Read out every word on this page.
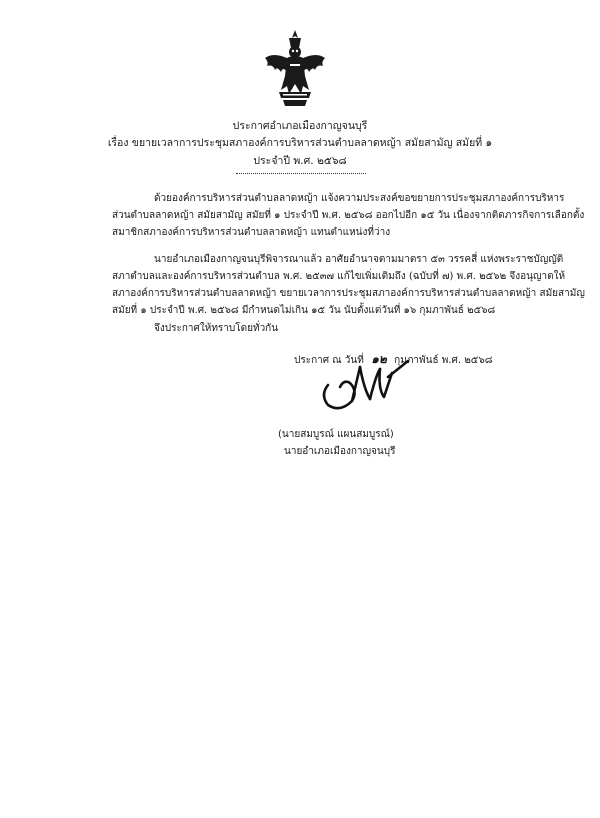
ประกาศอำเภอเมืองกาญจนบุรี
เรื่อง ขยายเวลาการประชุมสภาองค์การบริหารส่วนตำบลลาดหญ้า สมัยสามัญ สมัยที่ ๑
ประจำปี พ.ศ. ๒๕๖๘
ด้วยองค์การบริหารส่วนตำบลลาดหญ้า แจ้งความประสงค์ขอขยายการประชุมสภาองค์การบริหาร
ส่วนตำบลลาดหญ้า สมัยสามัญ สมัยที่ ๑ ประจำปี พ.ศ. ๒๕๖๘ ออกไปอีก ๑๕ วัน เนื่องจากติดภารกิจการเลือกตั้ง
สมาชิกสภาองค์การบริหารส่วนตำบลลาดหญ้า แทนตำแหน่งที่ว่าง
นายอำเภอเมืองกาญจนบุรีพิจารณาแล้ว อาศัยอำนาจตามมาตรา ๕๓ วรรคสี่ แห่งพระราชบัญญัติ
สภาตำบลและองค์การบริหารส่วนตำบล พ.ศ. ๒๕๓๗ แก้ไขเพิ่มเติมถึง (ฉบับที่ ๗) พ.ศ. ๒๕๖๒ จึงอนุญาตให้
สภาองค์การบริหารส่วนตำบลลาดหญ้า ขยายเวลาการประชุมสภาองค์การบริหารส่วนตำบลลาดหญ้า สมัยสามัญ
สมัยที่ ๑ ประจำปี พ.ศ. ๒๕๖๘ มีกำหนดไม่เกิน ๑๕ วัน นับตั้งแต่วันที่ ๑๖ กุมภาพันธ์ ๒๕๖๘
จึงประกาศให้ทราบโดยทั่วกัน
ประกาศ ณ วันที่ ๑๒ กุมภาพันธ์ พ.ศ. ๒๕๖๘
(นายสมบูรณ์ แผนสมบูรณ์)
นายอำเภอเมืองกาญจนบุรี
